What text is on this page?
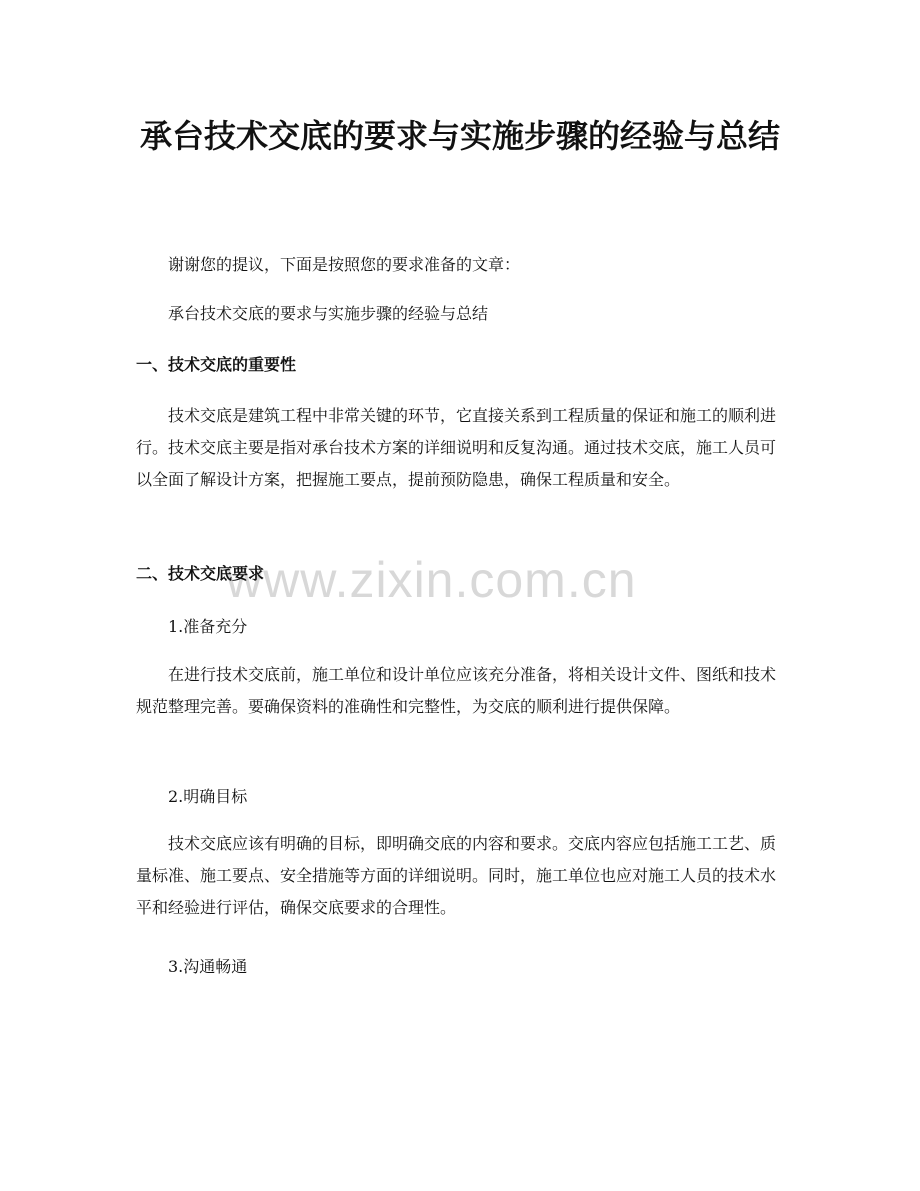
承台技术交底的要求与实施步骤的经验与总结
www.zixin.com.cn

谢谢您的提议，下面是按照您的要求准备的文章：

承台技术交底的要求与实施步骤的经验与总结

一、技术交底的重要性

技术交底是建筑工程中非常关键的环节，它直接关系到工程质量的保证和施工的顺利进行。技术交底主要是指对承台技术方案的详细说明和反复沟通。通过技术交底，施工人员可以全面了解设计方案，把握施工要点，提前预防隐患，确保工程质量和安全。

二、技术交底要求

1.准备充分

在进行技术交底前，施工单位和设计单位应该充分准备，将相关设计文件、图纸和技术规范整理完善。要确保资料的准确性和完整性，为交底的顺利进行提供保障。

2.明确目标

技术交底应该有明确的目标，即明确交底的内容和要求。交底内容应包括施工工艺、质量标准、施工要点、安全措施等方面的详细说明。同时，施工单位也应对施工人员的技术水平和经验进行评估，确保交底要求的合理性。

3.沟通畅通
